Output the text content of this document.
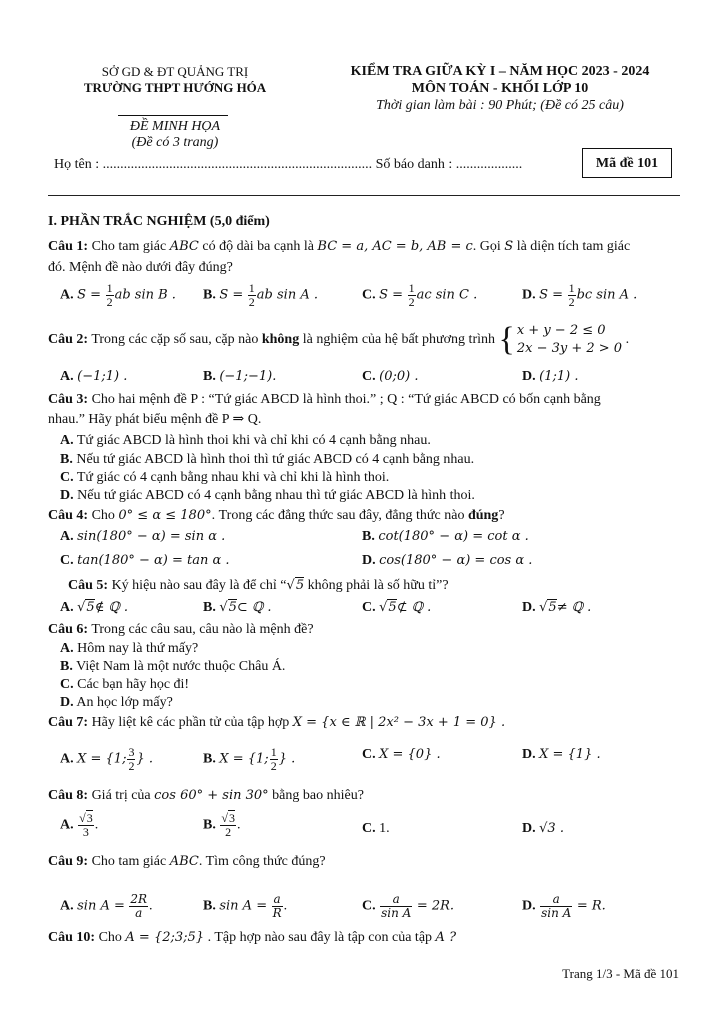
SỞ GD & ĐT QUẢNG TRỊ
TRƯỜNG THPT HƯỚNG HÓA
ĐỀ MINH HỌA
(Đề có 3 trang)
KIỂM TRA GIỮA KỲ I – NĂM HỌC 2023 - 2024
MÔN TOÁN - KHỐI LỚP 10
Thời gian làm bài : 90 Phút; (Đề có 25 câu)
Họ tên : ............................................................................. Số báo danh : ...................	Mã đề 101
I. PHẦN TRẮC NGHIỆM (5,0 điểm)
Câu 1: Cho tam giác ABC có độ dài ba cạnh là BC = a, AC = b, AB = c. Gọi S là diện tích tam giác
đó. Mệnh đề nào dưới đây đúng?
A. $S = \frac{1}{2}$ ab sin B . B. $S = \frac{1}{2}$ ab sin A .	C. $S = \frac{1}{2}$ ac sin C .	D. $S = \frac{1}{2}$ bc sin A .
Câu 2: Trong các cặp số sau, cặp nào không là nghiệm của hệ bất phương trình { x + y − 2 ≤ 0
2x − 3y + 2 > 0
.
A. (−1;1) .	B. (−1;−1).	C. (0;0) .	D. (1;1) .
Câu 3: Cho hai mệnh đề P : “Tứ giác ABCD là hình thoi.” ; Q : “Tứ giác ABCD có bốn cạnh bằng
nhau.” Hãy phát biểu mệnh đề P ⇒ Q.
A. Tứ giác ABCD là hình thoi khi và chỉ khi có 4 cạnh bằng nhau.
B. Nếu tứ giác ABCD là hình thoi thì tứ giác ABCD có 4 cạnh bằng nhau.
C. Tứ giác có 4 cạnh bằng nhau khi và chỉ khi là hình thoi.
D. Nếu tứ giác ABCD có 4 cạnh bằng nhau thì tứ giác ABCD là hình thoi.
Câu 4: Cho 0° ≤ α ≤ 180°. Trong các đẳng thức sau đây, đẳng thức nào đúng?
A. sin(180° − α) = sin α .	B. cot(180° − α) = cot α .
C. tan(180° − α) = tan α .	D. cos(180° − α) = cos α .
Câu 5: Ký hiệu nào sau đây là để chỉ “√5 không phải là số hữu tỉ”?
A. √5∉ ℚ .	B. √5⊂ ℚ .	C. √5⊄ ℚ .	D. √5≠ ℚ .
Câu 6: Trong các câu sau, câu nào là mệnh đề?
A. Hôm nay là thứ mấy?
B. Việt Nam là một nước thuộc Châu Á.
C. Các bạn hãy học đi!
D. An học lớp mấy?
Câu 7: Hãy liệt kê các phần tử của tập hợp X = {x ∈ ℝ | 2x² − 3x + 1 = 0} .
A. X = {1; $\frac{3}{2}$ } .	B. X = {1; $\frac{1}{2}$ } .	C. X = {0} .	D. X = {1} .
Câu 8: Giá trị của cos 60° + sin 30° bằng bao nhiêu?
A. $\frac{√3}{3}$ .	B. $\frac{√3}{2}$ .	C. 1.	D. √3 .
Câu 9: Cho tam giác ABC. Tìm công thức đúng?
A. $\sin A = \frac{2R}{a}$ .	B. $\sin A = \frac{a}{R}$ .	C. $\frac{a}{\text{sin A}} = 2R$.	D. $\frac{a}{\text{sin A}} = R$.
Câu 10: Cho A = {2;3;5} . Tập hợp nào sau đây là tập con của tập A ?
Trang 1/3 - Mã đề 101
